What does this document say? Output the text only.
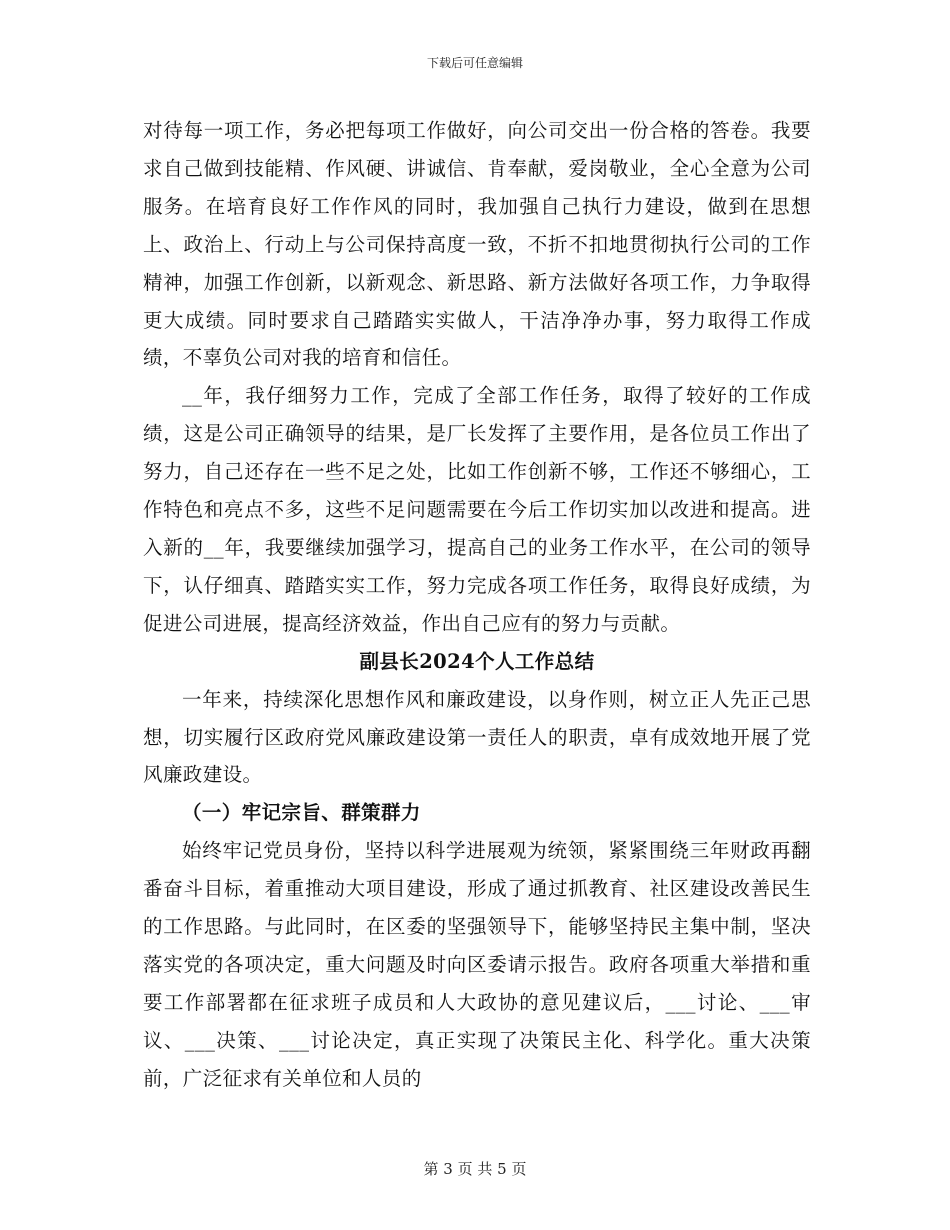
下载后可任意编辑

对待每一项工作，务必把每项工作做好，向公司交出一份合格的答卷。我要求自己做到技能精、作风硬、讲诚信、肯奉献，爱岗敬业，全心全意为公司服务。在培育良好工作作风的同时，我加强自己执行力建设，做到在思想上、政治上、行动上与公司保持高度一致，不折不扣地贯彻执行公司的工作精神，加强工作创新，以新观念、新思路、新方法做好各项工作，力争取得更大成绩。同时要求自己踏踏实实做人，干洁净净办事，努力取得工作成绩，不辜负公司对我的培育和信任。

__年，我仔细努力工作，完成了全部工作任务，取得了较好的工作成绩，这是公司正确领导的结果，是厂长发挥了主要作用，是各位员工作出了努力，自己还存在一些不足之处，比如工作创新不够，工作还不够细心，工作特色和亮点不多，这些不足问题需要在今后工作切实加以改进和提高。进入新的__年，我要继续加强学习，提高自己的业务工作水平，在公司的领导下，认仔细真、踏踏实实工作，努力完成各项工作任务，取得良好成绩，为促进公司进展，提高经济效益，作出自己应有的努力与贡献。

副县长2024个人工作总结

一年来，持续深化思想作风和廉政建设，以身作则，树立正人先正己思想，切实履行区政府党风廉政建设第一责任人的职责，卓有成效地开展了党风廉政建设。

（一）牢记宗旨、群策群力

始终牢记党员身份，坚持以科学进展观为统领，紧紧围绕三年财政再翻番奋斗目标，着重推动大项目建设，形成了通过抓教育、社区建设改善民生的工作思路。与此同时，在区委的坚强领导下，能够坚持民主集中制，坚决落实党的各项决定，重大问题及时向区委请示报告。政府各项重大举措和重要工作部署都在征求班子成员和人大政协的意见建议后，___讨论、___审议、___决策、___讨论决定，真正实现了决策民主化、科学化。重大决策前，广泛征求有关单位和人员的

第 3 页 共 5 页
